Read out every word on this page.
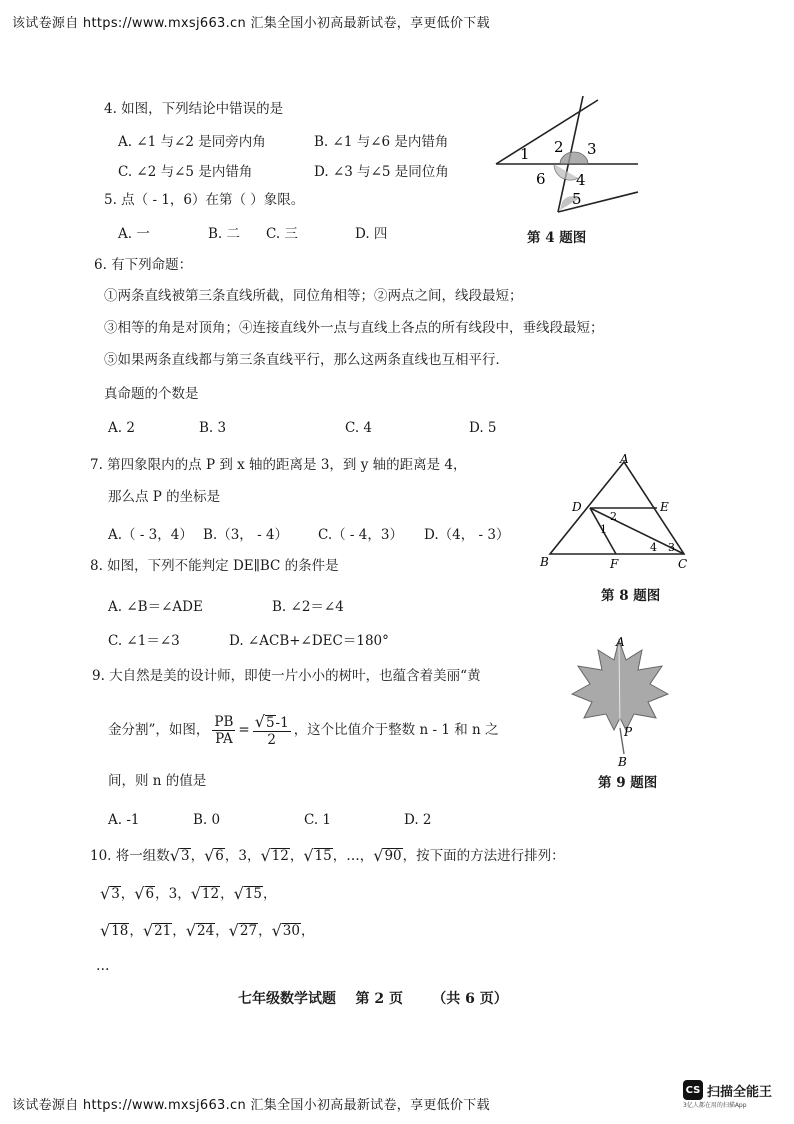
该试卷源自 https://www.mxsj663.cn 汇集全国小初高最新试卷，享更低价下载
4. 如图，下列结论中错误的是
A. ∠1 与∠2 是同旁内角	B. ∠1 与∠6 是内错角
C. ∠2 与∠5 是内错角	D. ∠3 与∠5 是同位角
1 2 3
4
5
6
第 4 题图
5. 点（ - 1，6）在第（ ）象限。
A. 一	B. 二 C. 三	D. 四
6. 有下列命题：
①两条直线被第三条直线所截，同位角相等；②两点之间，线段最短；
③相等的角是对顶角；④连接直线外一点与直线上各点的所有线段中，垂线段最短；
⑤如果两条直线都与第三条直线平行，那么这两条直线也互相平行．
真命题的个数是
A. 2	B. 3	C. 4	D. 5
7. 第四象限内的点 P 到 x 轴的距离是 3，到 y 轴的距离是 4，
那么点 P 的坐标是
A.（ - 3，4） B.（3， - 4） C.（ - 4，3） D.（4， - 3）
A
D	E
B	F	C
1
2
3
4
第 8 题图
8. 如图，下列不能判定 DE∥BC 的条件是
A. ∠B＝∠ADE	B. ∠2＝∠4
C. ∠1＝∠3	D. ∠ACB+∠DEC＝180°
9. 大自然是美的设计师，即使一片小小的树叶，也蕴含着美丽“黄
金分割”，如图， $\frac{PB}{PA} = \frac{√5-1}{2}$ ，这个比值介于整数 n - 1 和 n 之
间，则 n 的值是
A. -1	B. 0	C. 1	D. 2
A
P
B
第 9 题图
10. 将一组数 √ 3 ， √ 6 ， 3 ， √ 12 ， √ 15 ， … ， √ 90 ，按下面的方法进行排列：
√ 3 ， √ 6 ， 3 ， √ 12 ， √ 15 ，
√ 18 ， √ 21 ， √ 24 ， √ 27 ， √ 30 ，
…
七年级数学试题    第 2 页      （共 6 页）
该试卷源自 https://www.mxsj663.cn 汇集全国小初高最新试卷，享更低价下载
CS 扫描全能王
3亿人都在用的扫描App
